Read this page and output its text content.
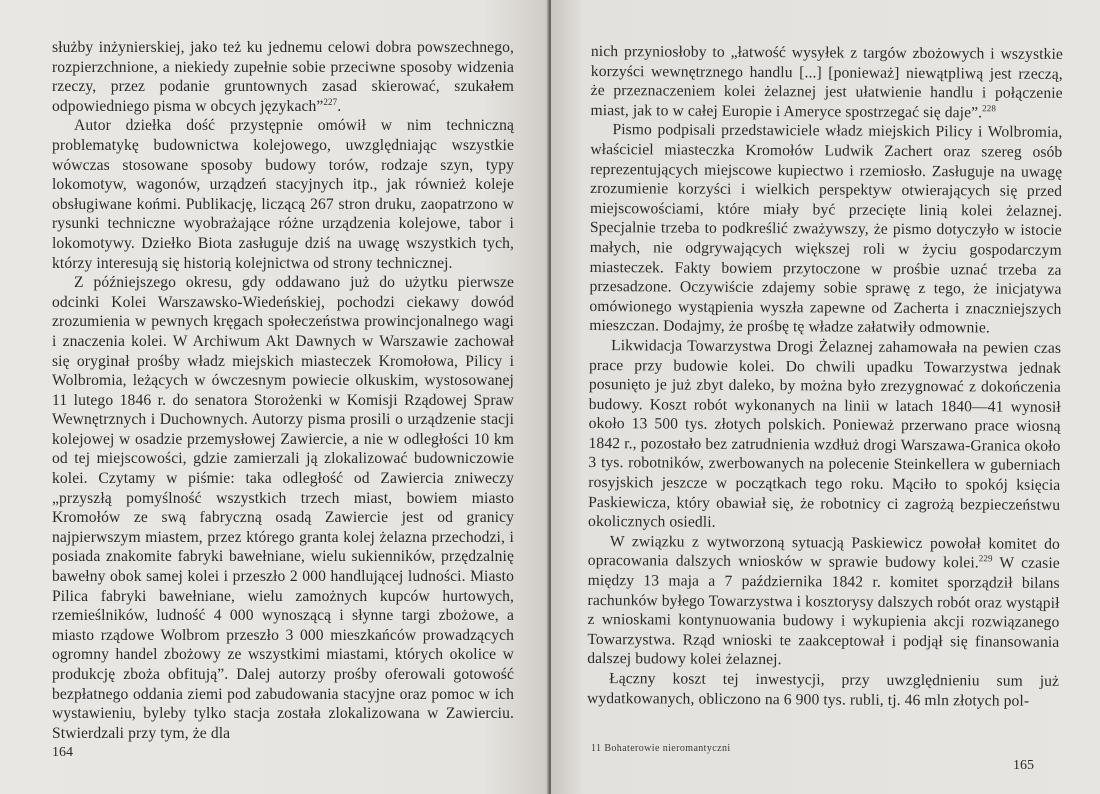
służby inżynierskiej, jako też ku jednemu celowi dobra powszechnego, rozpierzchnione, a niekiedy zupełnie sobie przeciwne sposoby widzenia rzeczy, przez podanie gruntownych zasad skierować, szukałem odpowiedniego pisma w obcych językach”$^{227}$.

Autor dziełka dość przystępnie omówił w nim techniczną problematykę budownictwa kolejowego, uwzględniając wszystkie wówczas stosowane sposoby budowy torów, rodzaje szyn, typy lokomotyw, wagonów, urządzeń stacyjnych itp., jak również koleje obsługiwane końmi. Publikację, liczącą 267 stron druku, zaopatrzono w rysunki techniczne wyobrażające różne urządzenia kolejowe, tabor i lokomotywy. Dziełko Biota zasługuje dziś na uwagę wszystkich tych, którzy interesują się historią kolejnictwa od strony technicznej.

Z późniejszego okresu, gdy oddawano już do użytku pierwsze odcinki Kolei Warszawsko-Wiedeńskiej, pochodzi ciekawy dowód zrozumienia w pewnych kręgach społeczeństwa prowincjonalnego wagi i znaczenia kolei. W Archiwum Akt Dawnych w Warszawie zachował się oryginał prośby władz miejskich miasteczek Kromołowa, Pilicy i Wolbromia, leżących w ówczesnym powiecie olkuskim, wystosowanej 11 lutego 1846 r. do senatora Storożenki w Komisji Rządowej Spraw Wewnętrznych i Duchownych. Autorzy pisma prosili o urządzenie stacji kolejowej w osadzie przemysłowej Zawiercie, a nie w odległości 10 km od tej miejscowości, gdzie zamierzali ją zlokalizować budowniczowie kolei. Czytamy w piśmie: taka odległość od Zawiercia zniweczy „przyszłą pomyślność wszystkich trzech miast, bowiem miasto Kromołów ze swą fabryczną osadą Zawiercie jest od granicy najpierwszym miastem, przez którego granta kolej żelazna przechodzi, i posiada znakomite fabryki bawełniane, wielu sukienników, przędzalnię bawełny obok samej kolei i przeszło 2 000 handlującej ludności. Miasto Pilica fabryki bawełniane, wielu zamożnych kupców hurtowych, rzemieślników, ludność 4 000 wynoszącą i słynne targi zbożowe, a miasto rządowe Wolbrom przeszło 3 000 mieszkańców prowadzących ogromny handel zbożowy ze wszystkimi miastami, których okolice w produkcję zboża obfitują”. Dalej autorzy prośby oferowali gotowość bezpłatnego oddania ziemi pod zabudowania stacyjne oraz pomoc w ich wystawieniu, byleby tylko stacja została zlokalizowana w Zawierciu. Stwierdzali przy tym, że dla

164

nich przyniosłoby to „łatwość wysyłek z targów zbożowych i wszystkie korzyści wewnętrznego handlu [...] [ponieważ] niewątpliwą jest rzeczą, że przeznaczeniem kolei żelaznej jest ułatwienie handlu i połączenie miast, jak to w całej Europie i Ameryce spostrzegać się daje”.$^{228}$

Pismo podpisali przedstawiciele władz miejskich Pilicy i Wolbromia, właściciel miasteczka Kromołów Ludwik Zachert oraz szereg osób reprezentujących miejscowe kupiectwo i rzemiosło. Zasługuje na uwagę zrozumienie korzyści i wielkich perspektyw otwierających się przed miejscowościami, które miały być przecięte linią kolei żelaznej. Specjalnie trzeba to podkreślić zważywszy, że pismo dotyczyło w istocie małych, nie odgrywających większej roli w życiu gospodarczym miasteczek. Fakty bowiem przytoczone w prośbie uznać trzeba za przesadzone. Oczywiście zdajemy sobie sprawę z tego, że inicjatywa omówionego wystąpienia wyszła zapewne od Zacherta i znaczniejszych mieszczan. Dodajmy, że prośbę tę władze załatwiły odmownie.

Likwidacja Towarzystwa Drogi Żelaznej zahamowała na pewien czas prace przy budowie kolei. Do chwili upadku Towarzystwa jednak posunięto je już zbyt daleko, by można było zrezygnować z dokończenia budowy. Koszt robót wykonanych na linii w latach 1840—41 wynosił około 13 500 tys. złotych polskich. Ponieważ przerwano prace wiosną 1842 r., pozostało bez zatrudnienia wzdłuż drogi Warszawa-Granica około 3 tys. robotników, zwerbowanych na polecenie Steinkellera w guberniach rosyjskich jeszcze w początkach tego roku. Mąciło to spokój księcia Paskiewicza, który obawiał się, że robotnicy ci zagrożą bezpieczeństwu okolicznych osiedli.

W związku z wytworzoną sytuacją Paskiewicz powołał komitet do opracowania dalszych wniosków w sprawie budowy kolei.$^{229}$ W czasie między 13 maja a 7 października 1842 r. komitet sporządził bilans rachunków byłego Towarzystwa i kosztorysy dalszych robót oraz wystąpił z wnioskami kontynuowania budowy i wykupienia akcji rozwiązanego Towarzystwa. Rząd wnioski te zaakceptował i podjął się finansowania dalszej budowy kolei żelaznej.

Łączny koszt tej inwestycji, przy uwzględnieniu sum już wydatkowanych, obliczono na 6 900 tys. rubli, tj. 46 mln złotych pol-

11 Bohaterowie nieromantyczni
165
